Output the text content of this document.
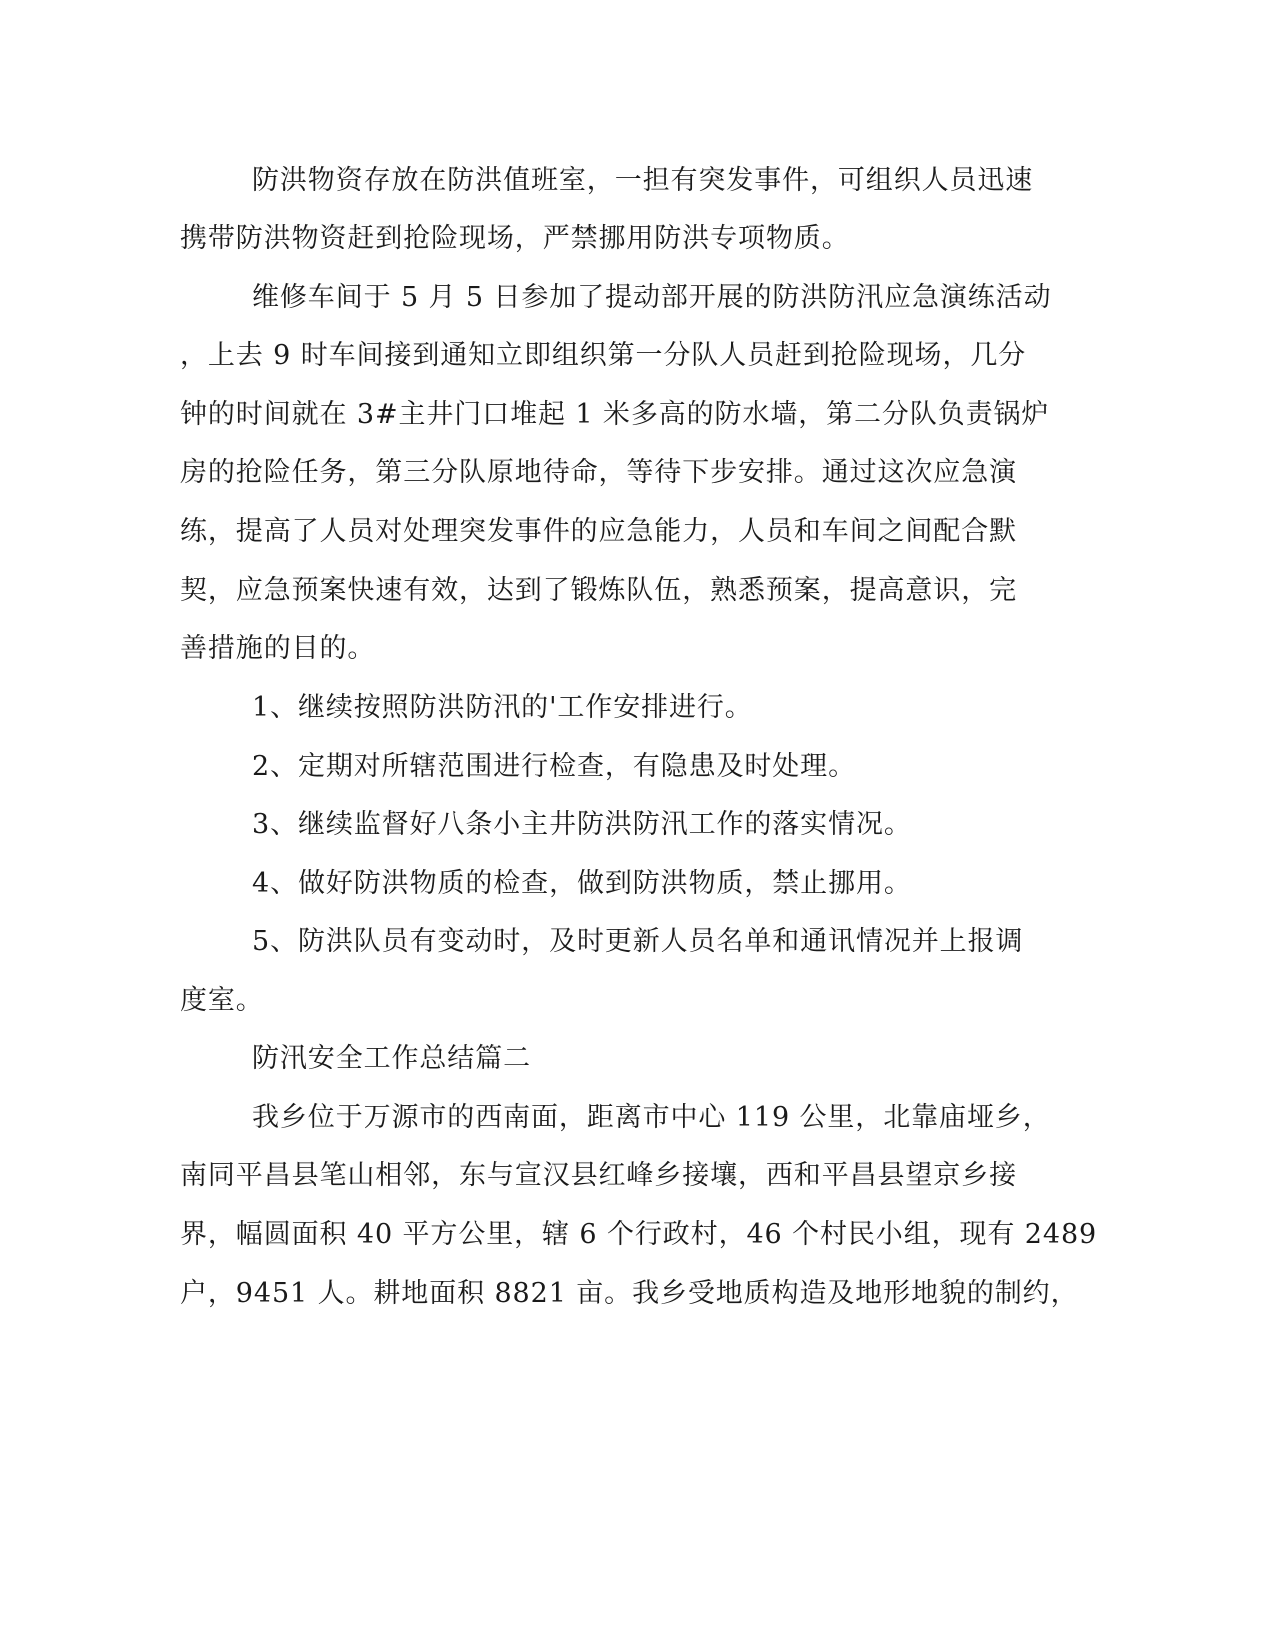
防洪物资存放在防洪值班室，一担有突发事件，可组织人员迅速
携带防洪物资赶到抢险现场，严禁挪用防洪专项物质。
维修车间于 5 月 5 日参加了提动部开展的防洪防汛应急演练活动
，上去 9 时车间接到通知立即组织第一分队人员赶到抢险现场，几分
钟的时间就在 3#主井门口堆起 1 米多高的防水墙，第二分队负责锅炉
房的抢险任务，第三分队原地待命，等待下步安排。通过这次应急演
练，提高了人员对处理突发事件的应急能力，人员和车间之间配合默
契，应急预案快速有效，达到了锻炼队伍，熟悉预案，提高意识，完
善措施的目的。
1、继续按照防洪防汛的'工作安排进行。
2、定期对所辖范围进行检查，有隐患及时处理。
3、继续监督好八条小主井防洪防汛工作的落实情况。
4、做好防洪物质的检查，做到防洪物质，禁止挪用。
5、防洪队员有变动时，及时更新人员名单和通讯情况并上报调
度室。
防汛安全工作总结篇二
我乡位于万源市的西南面，距离市中心 119 公里，北靠庙垭乡，
南同平昌县笔山相邻，东与宣汉县红峰乡接壤，西和平昌县望京乡接
界，幅圆面积 40 平方公里，辖 6 个行政村，46 个村民小组，现有 2489
户，9451 人。耕地面积 8821 亩。我乡受地质构造及地形地貌的制约，
